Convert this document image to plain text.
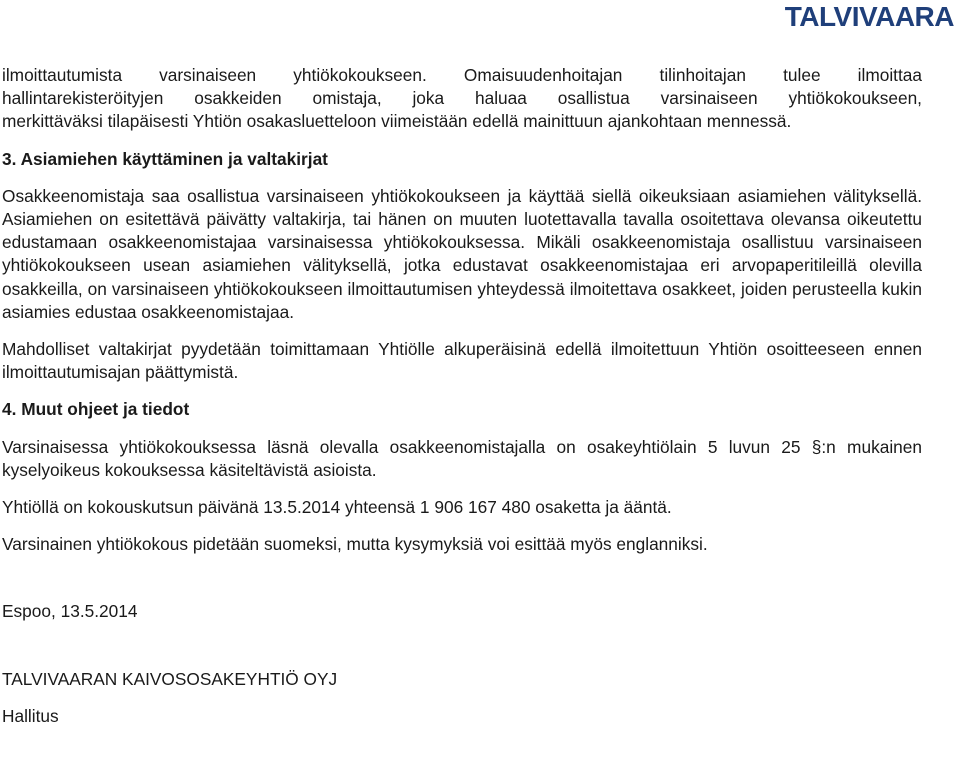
TALVIVAARA

ilmoittautumista varsinaiseen yhtiökokoukseen. Omaisuudenhoitajan tilinhoitajan tulee ilmoittaa

hallintarekisteröityjen osakkeiden omistaja, joka haluaa osallistua varsinaiseen yhtiökokoukseen,

merkittäväksi tilapäisesti Yhtiön osakasluetteloon viimeistään edellä mainittuun ajankohtaan mennessä.

3. Asiamiehen käyttäminen ja valtakirjat

Osakkeenomistaja saa osallistua varsinaiseen yhtiökokoukseen ja käyttää siellä oikeuksiaan asiamiehen välityksellä. Asiamiehen on esitettävä päivätty valtakirja, tai hänen on muuten luotettavalla tavalla osoitettava olevansa oikeutettu edustamaan osakkeenomistajaa varsinaisessa yhtiökokouksessa. Mikäli osakkeenomistaja osallistuu varsinaiseen yhtiökokoukseen usean asiamiehen välityksellä, jotka edustavat osakkeenomistajaa eri arvopaperitileillä olevilla osakkeilla, on varsinaiseen yhtiökokoukseen ilmoittautumisen yhteydessä ilmoitettava osakkeet, joiden perusteella kukin asiamies edustaa osakkeenomistajaa.

Mahdolliset valtakirjat pyydetään toimittamaan Yhtiölle alkuperäisinä edellä ilmoitettuun Yhtiön osoitteeseen ennen ilmoittautumisajan päättymistä.

4. Muut ohjeet ja tiedot

Varsinaisessa yhtiökokouksessa läsnä olevalla osakkeenomistajalla on osakeyhtiölain 5 luvun 25 §:n mukainen kyselyoikeus kokouksessa käsiteltävistä asioista.

Yhtiöllä on kokouskutsun päivänä 13.5.2014 yhteensä 1 906 167 480 osaketta ja ääntä.

Varsinainen yhtiökokous pidetään suomeksi, mutta kysymyksiä voi esittää myös englanniksi.

Espoo, 13.5.2014

TALVIVAARAN KAIVOSOSAKEYHTIÖ OYJ

Hallitus
